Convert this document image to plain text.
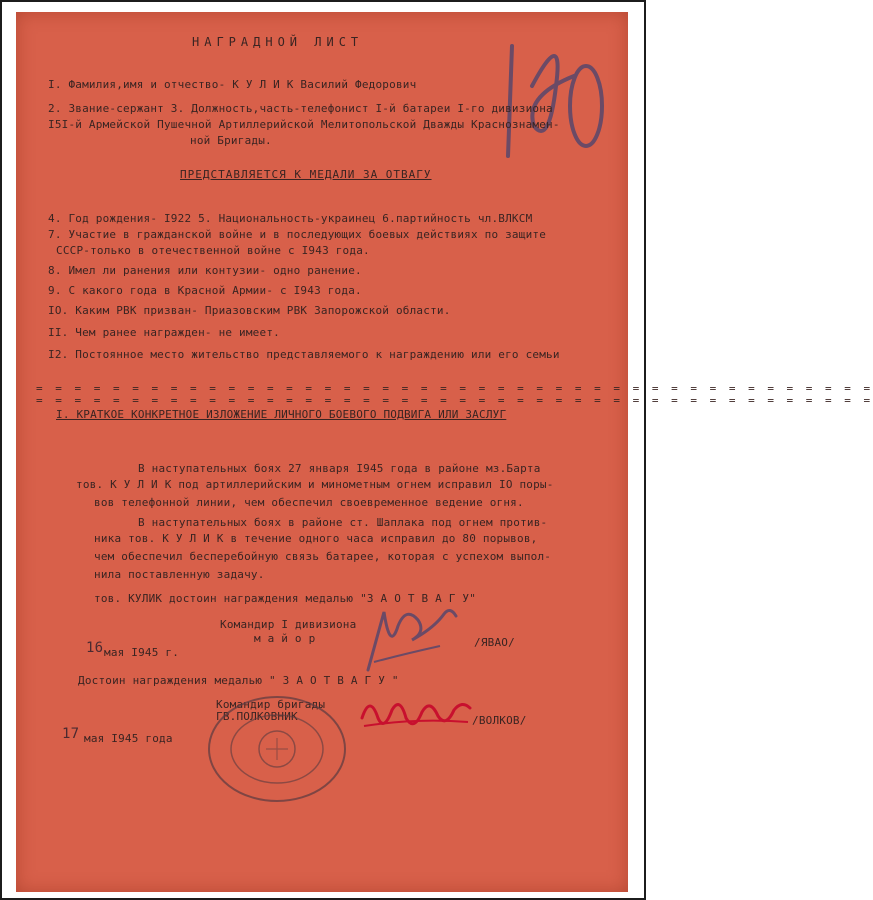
НАГРАДНОЙ ЛИСТ
I. Фамилия,имя и отчество- К У Л И К Василий Федорович
2. Звание-сержант 3. Должность,часть-телефонист I-й батареи I-го дивизиона
I5I-й Армейской Пушечной Артиллерийской Мелитопольской Дважды Краснознамен-
ной Бригады.
ПРЕДСТАВЛЯЕТСЯ К МЕДАЛИ ЗА ОТВАГУ
4. Год рождения- I922 5. Национальность-украинец 6.партийность чл.ВЛКСМ
7. Участие в гражданской войне и в последующих боевых действиях по защите
СССР-только в отечественной войне с I943 года.
8. Имел ли ранения или контузии- одно ранение.
9. С какого года в Красной Армии- с I943 года.
IO. Каким РВК призван- Приазовским РВК Запорожской области.
II. Чем ранее награжден- не имеет.
I2. Постоянное место жительство представляемого к награждению или его семьи
= = = = = = = = = = = = = = = = = = = = = = = = = = = = = = = = = = = = = = = = = = = =
= = = = = = = = = = = = = = = = = = = = = = = = = = = = = = = = = = = = = = = = = = = =
I. КРАТКОЕ КОНКРЕТНОЕ ИЗЛОЖЕНИЕ ЛИЧНОГО БОЕВОГО ПОДВИГА ИЛИ ЗАСЛУГ
В наступательных боях 27 января I945 года в районе мз.Барта
тов. К У Л И К под артиллерийским и минометным огнем исправил IO поры-
вов телефонной линии, чем обеспечил своевременное ведение огня.
В наступательных боях в районе ст. Шаплака под огнем против-
ника тов. К У Л И К в течение одного часа исправил до 80 порывов,
чем обеспечил бесперебойную связь батарее, которая с успехом выпол-
нила поставленную задачу.
тов. КУЛИК достоин награждения медалью "З А О Т В А Г У"
Командир I дивизиона
м а й о р	/ЯВАО/
16 мая I945 г.
Достоин награждения медалью " З А О Т В А Г У "
Командир бригады
ГВ.ПОЛКОВНИК	/ВОЛКОВ/
17 мая I945 года
›
